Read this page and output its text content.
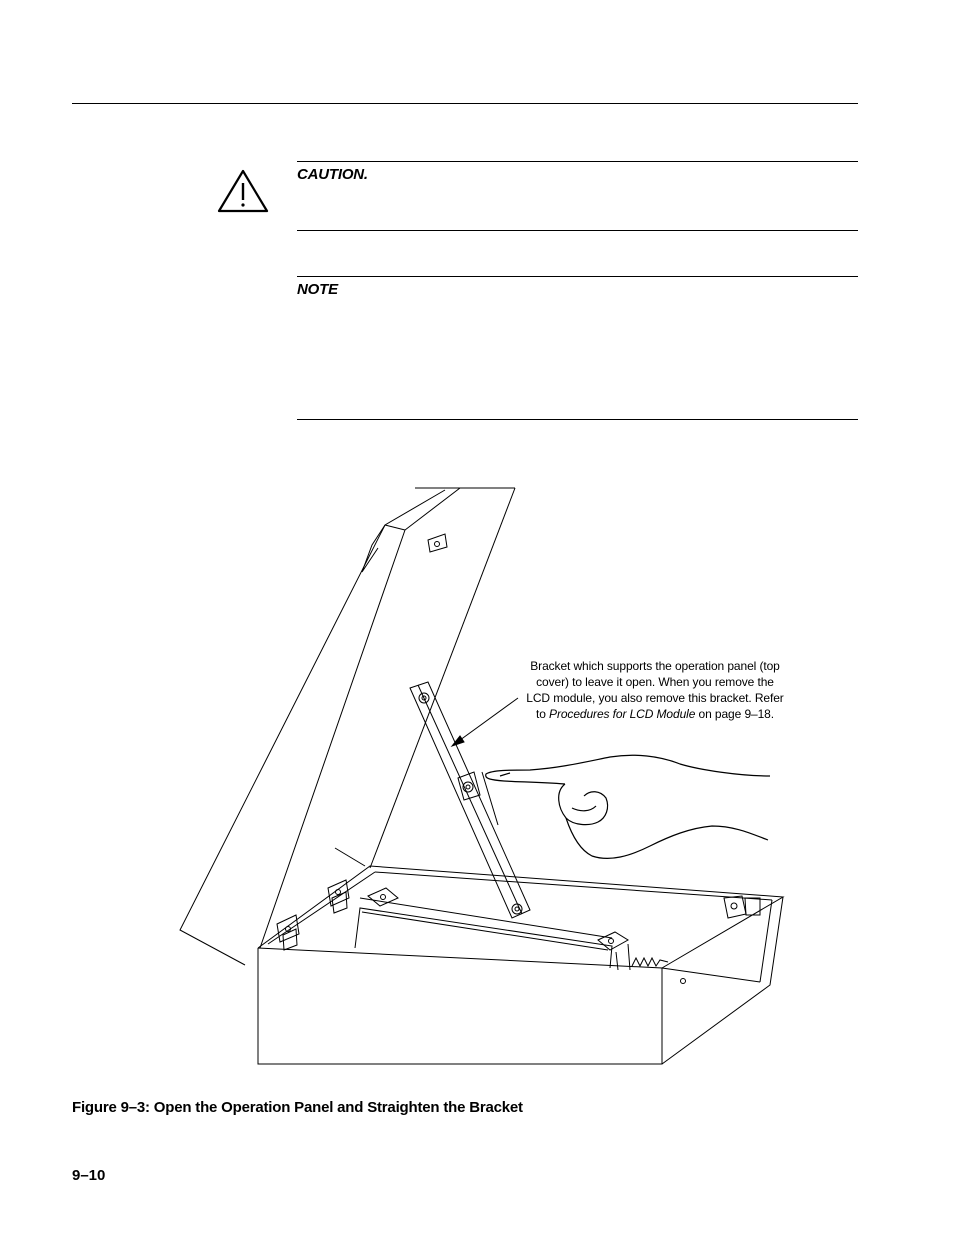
CAUTION.
NOTE
Bracket which supports the operation panel (top cover) to leave it open. When you remove the LCD module, you also remove this bracket. Refer to Procedures for LCD Module on page 9–18.
Figure 9–3: Open the Operation Panel and Straighten the Bracket
9–10
